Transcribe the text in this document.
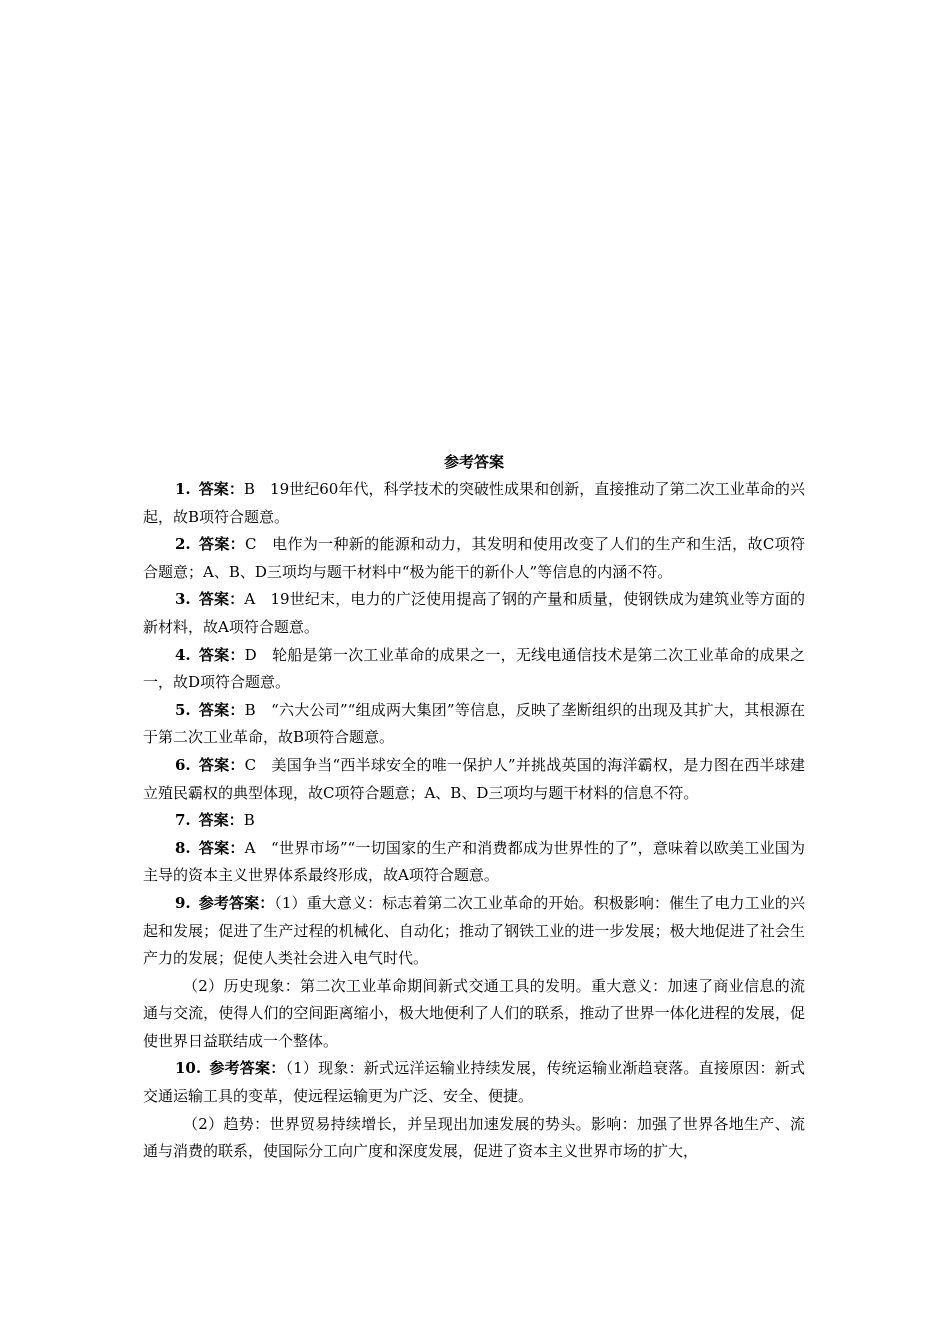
参考答案

1. 答案：B　19世纪60年代，科学技术的突破性成果和创新，直接推动了第二次工业革命的兴起，故B项符合题意。

2. 答案：C　电作为一种新的能源和动力，其发明和使用改变了人们的生产和生活，故C项符合题意；A、B、D三项均与题干材料中“极为能干的新仆人”等信息的内涵不符。

3. 答案：A　19世纪末，电力的广泛使用提高了钢的产量和质量，使钢铁成为建筑业等方面的新材料，故A项符合题意。

4. 答案：D　轮船是第一次工业革命的成果之一，无线电通信技术是第二次工业革命的成果之一，故D项符合题意。

5. 答案：B　“六大公司”“组成两大集团”等信息，反映了垄断组织的出现及其扩大，其根源在于第二次工业革命，故B项符合题意。

6. 答案：C　美国争当“西半球安全的唯一保护人”并挑战英国的海洋霸权，是力图在西半球建立殖民霸权的典型体现，故C项符合题意；A、B、D三项均与题干材料的信息不符。

7. 答案：B

8. 答案：A　“世界市场”“一切国家的生产和消费都成为世界性的了”，意味着以欧美工业国为主导的资本主义世界体系最终形成，故A项符合题意。

9. 参考答案：（1）重大意义：标志着第二次工业革命的开始。积极影响：催生了电力工业的兴起和发展；促进了生产过程的机械化、自动化；推动了钢铁工业的进一步发展；极大地促进了社会生产力的发展；促使人类社会进入电气时代。

（2）历史现象：第二次工业革命期间新式交通工具的发明。重大意义：加速了商业信息的流通与交流，使得人们的空间距离缩小，极大地便利了人们的联系，推动了世界一体化进程的发展，促使世界日益联结成一个整体。

10. 参考答案：（1）现象：新式远洋运输业持续发展，传统运输业渐趋衰落。直接原因：新式交通运输工具的变革，使远程运输更为广泛、安全、便捷。

（2）趋势：世界贸易持续增长，并呈现出加速发展的势头。影响：加强了世界各地生产、流通与消费的联系，使国际分工向广度和深度发展，促进了资本主义世界市场的扩大，
